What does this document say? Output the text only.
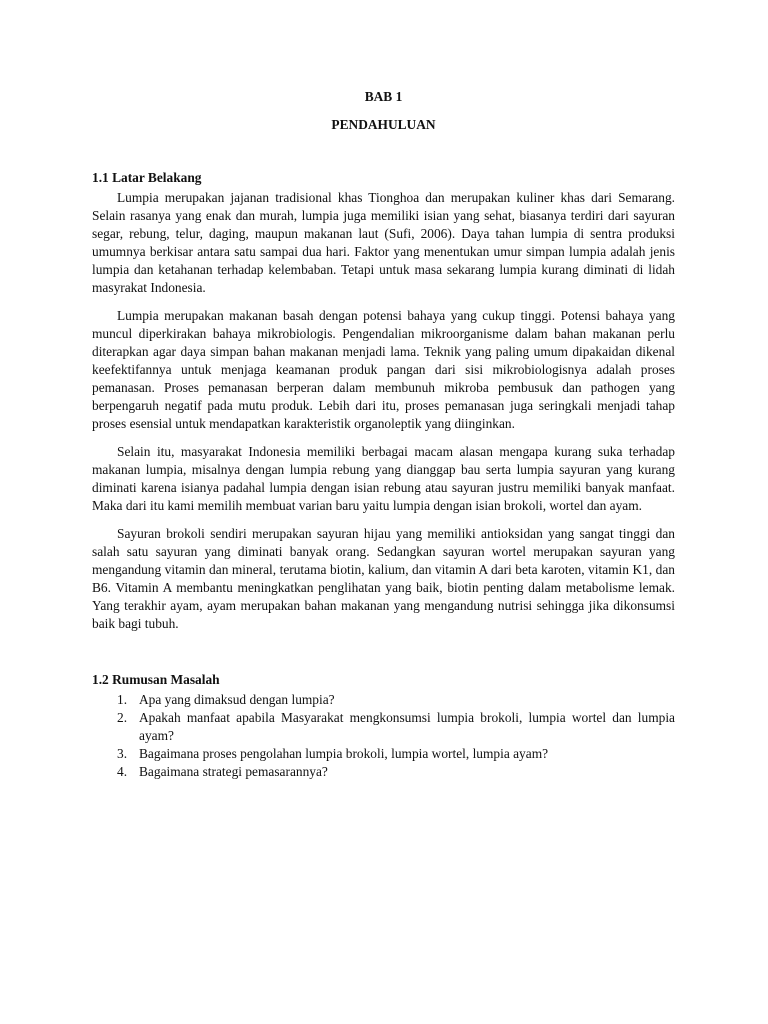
BAB 1

PENDAHULUAN

1.1 Latar Belakang

Lumpia merupakan jajanan tradisional khas Tionghoa dan merupakan kuliner khas dari Semarang. Selain rasanya yang enak dan murah, lumpia juga memiliki isian yang sehat, biasanya terdiri dari sayuran segar, rebung, telur, daging, maupun makanan laut (Sufi, 2006). Daya tahan lumpia di sentra produksi umumnya berkisar antara satu sampai dua hari. Faktor yang menentukan umur simpan lumpia adalah jenis lumpia dan ketahanan terhadap kelembaban. Tetapi untuk masa sekarang lumpia kurang diminati di lidah masyrakat Indonesia.

Lumpia merupakan makanan basah dengan potensi bahaya yang cukup tinggi. Potensi bahaya yang muncul diperkirakan bahaya mikrobiologis. Pengendalian mikroorganisme dalam bahan makanan perlu diterapkan agar daya simpan bahan makanan menjadi lama. Teknik yang paling umum dipakaidan dikenal keefektifannya untuk menjaga keamanan produk pangan dari sisi mikrobiologisnya adalah proses pemanasan. Proses pemanasan berperan dalam membunuh mikroba pembusuk dan pathogen yang berpengaruh negatif pada mutu produk. Lebih dari itu, proses pemanasan juga seringkali menjadi tahap proses esensial untuk mendapatkan karakteristik organoleptik yang diinginkan.

Selain itu, masyarakat Indonesia memiliki berbagai macam alasan mengapa kurang suka terhadap makanan lumpia, misalnya dengan lumpia rebung yang dianggap bau serta lumpia sayuran yang kurang diminati karena isianya padahal lumpia dengan isian rebung atau sayuran justru memiliki banyak manfaat. Maka dari itu kami memilih membuat varian baru yaitu lumpia dengan isian brokoli, wortel dan ayam.

Sayuran brokoli sendiri merupakan sayuran hijau yang memiliki antioksidan yang sangat tinggi dan salah satu sayuran yang diminati banyak orang. Sedangkan sayuran wortel merupakan sayuran yang mengandung vitamin dan mineral, terutama biotin, kalium, dan vitamin A dari beta karoten, vitamin K1, dan B6. Vitamin A membantu meningkatkan penglihatan yang baik, biotin penting dalam metabolisme lemak. Yang terakhir ayam, ayam merupakan bahan makanan yang mengandung nutrisi sehingga jika dikonsumsi baik bagi tubuh.

1.2 Rumusan Masalah

1. Apa yang dimaksud dengan lumpia?
2. Apakah manfaat apabila Masyarakat mengkonsumsi lumpia brokoli, lumpia wortel dan lumpia ayam?
3. Bagaimana proses pengolahan lumpia brokoli, lumpia wortel, lumpia ayam?
4. Bagaimana strategi pemasarannya?
